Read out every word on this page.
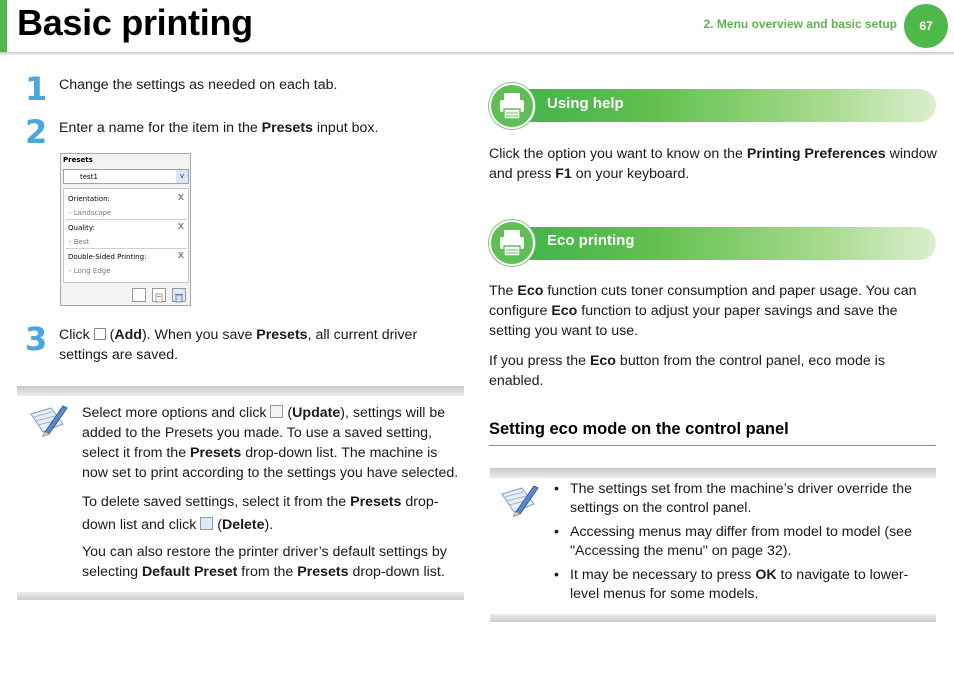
Basic printing	2. Menu overview and basic setup	67
1 Change the settings as needed on each tab.
2 Enter a name for the item in the Presets input box.
Presets
test1	v
Orientation:	X
- Landscape
Quality:	X
- Best
Double-Sided Printing:	X
- Long Edge
3 Click  (Add). When you save Presets, all current driver settings are saved.
Select more options and click  (Update), settings will be added to the Presets you made. To use a saved setting, select it from the Presets drop-down list. The machine is now set to print according to the settings you have selected.
To delete saved settings, select it from the Presets drop-down list and click  (Delete).
You can also restore the printer driver’s default settings by selecting Default Preset from the Presets drop-down list.
Using help
Click the option you want to know on the Printing Preferences window and press F1 on your keyboard.
Eco printing
The Eco function cuts toner consumption and paper usage. You can configure Eco function to adjust your paper savings and save the setting you want to use.
If you press the Eco button from the control panel, eco mode is enabled.
Setting eco mode on the control panel
• The settings set from the machine’s driver override the settings on the control panel.
• Accessing menus may differ from model to model (see "Accessing the menu" on page 32).
• It may be necessary to press OK to navigate to lower-level menus for some models.
